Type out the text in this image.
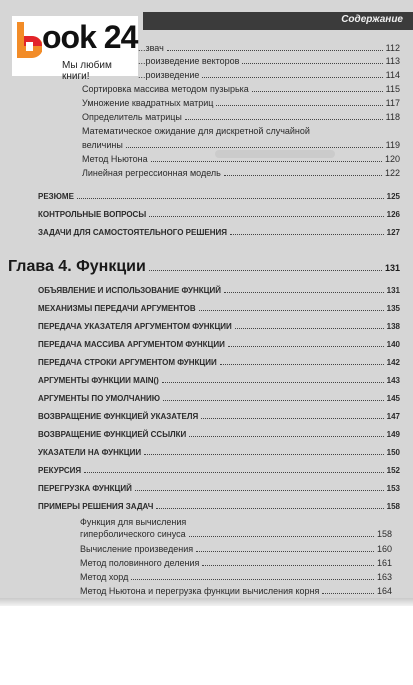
Содержание
...звач	112
...роизведение векторов	113
...роизведение	114
Сортировка массива методом пузырька	115
Умножение квадратных матриц	117
Определитель матрицы	118
Математическое ожидание для дискретной случайной
величины	119
Метод Ньютона	120
Линейная регрессионная модель	122
РЕЗЮМЕ	125
КОНТРОЛЬНЫЕ ВОПРОСЫ	126
ЗАДАЧИ ДЛЯ САМОСТОЯТЕЛЬНОГО РЕШЕНИЯ	127
Глава 4. Функции	131
ОБЪЯВЛЕНИЕ И ИСПОЛЬЗОВАНИЕ ФУНКЦИЙ	131
МЕХАНИЗМЫ ПЕРЕДАЧИ АРГУМЕНТОВ	135
ПЕРЕДАЧА УКАЗАТЕЛЯ АРГУМЕНТОМ ФУНКЦИИ	138
ПЕРЕДАЧА МАССИВА АРГУМЕНТОМ ФУНКЦИИ	140
ПЕРЕДАЧА СТРОКИ АРГУМЕНТОМ ФУНКЦИИ	142
АРГУМЕНТЫ ФУНКЦИИ MAIN()	143
АРГУМЕНТЫ ПО УМОЛЧАНИЮ	145
ВОЗВРАЩЕНИЕ ФУНКЦИЕЙ УКАЗАТЕЛЯ	147
ВОЗВРАЩЕНИЕ ФУНКЦИЕЙ ССЫЛКИ	149
УКАЗАТЕЛИ НА ФУНКЦИИ	150
РЕКУРСИЯ	152
ПЕРЕГРУЗКА ФУНКЦИЙ	153
ПРИМЕРЫ РЕШЕНИЯ ЗАДАЧ	158
Функция для вычисления
гиперболического синуса	158
Вычисление произведения	160
Метод половинного деления	161
Метод хорд	163
Метод Ньютона и перегрузка функции вычисления корня	164
ook 24
Мы любим книги!
